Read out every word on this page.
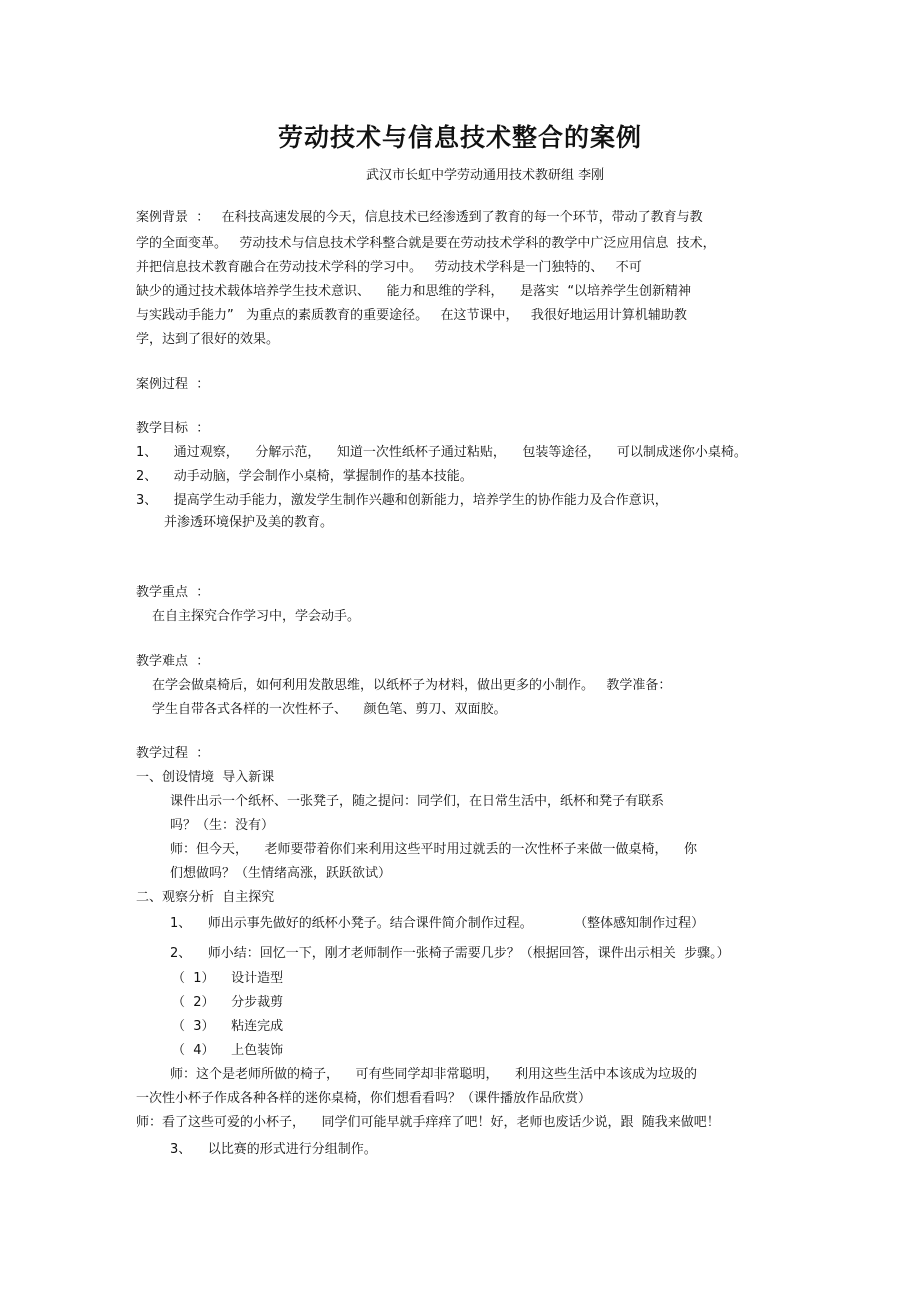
劳动技术与信息技术整合的案例
武汉市长虹中学劳动通用技术教研组 李刚
案例背景  ：   在科技高速发展的今天，信息技术已经渗透到了教育的每一个环节，带动了教育与教
学的全面变革。   劳动技术与信息技术学科整合就是要在劳动技术学科的教学中广泛应用信息  技术，
并把信息技术教育融合在劳动技术学科的学习中。   劳动技术学科是一门独特的、   不可
缺少的通过技术载体培养学生技术意识、    能力和思维的学科，    是落实  “以培养学生创新精神
与实践动手能力”   为重点的素质教育的重要途径。   在这节课中，   我很好地运用计算机辅助教
学，达到了很好的效果。
案例过程  ：
教学目标  ：
1、    通过观察，    分解示范，    知道一次性纸杯子通过粘贴，    包装等途径，    可以制成迷你小桌椅。
2、    动手动脑，学会制作小桌椅，掌握制作的基本技能。
3、    提高学生动手能力，激发学生制作兴趣和创新能力，培养学生的协作能力及合作意识，
并渗透环境保护及美的教育。
教学重点  ：
在自主探究合作学习中，学会动手。
教学难点  ：
在学会做桌椅后，如何利用发散思维，以纸杯子为材料，做出更多的小制作。   教学准备：
学生自带各式各样的一次性杯子、    颜色笔、剪刀、双面胶。
教学过程  ：
一、创设情境  导入新课
课件出示一个纸杯、一张凳子，随之提问：同学们，在日常生活中，纸杯和凳子有联系
吗？（生：没有）
师：但今天，    老师要带着你们来利用这些平时用过就丢的一次性杯子来做一做桌椅，    你
们想做吗？（生情绪高涨，跃跃欲试）
二、观察分析  自主探究
1、    师出示事先做好的纸杯小凳子。结合课件简介制作过程。          （整体感知制作过程）
2、    师小结：回忆一下，刚才老师制作一张椅子需要几步？（根据回答，课件出示相关  步骤。）
（  1）    设计造型
（  2）    分步裁剪
（  3）    粘连完成
（  4）    上色装饰
师：这个是老师所做的椅子，    可有些同学却非常聪明，    利用这些生活中本该成为垃圾的
一次性小杯子作成各种各样的迷你桌椅，你们想看看吗？（课件播放作品欣赏）
师：看了这些可爱的小杯子，    同学们可能早就手痒痒了吧！好，老师也废话少说，跟  随我来做吧！
3、    以比赛的形式进行分组制作。
